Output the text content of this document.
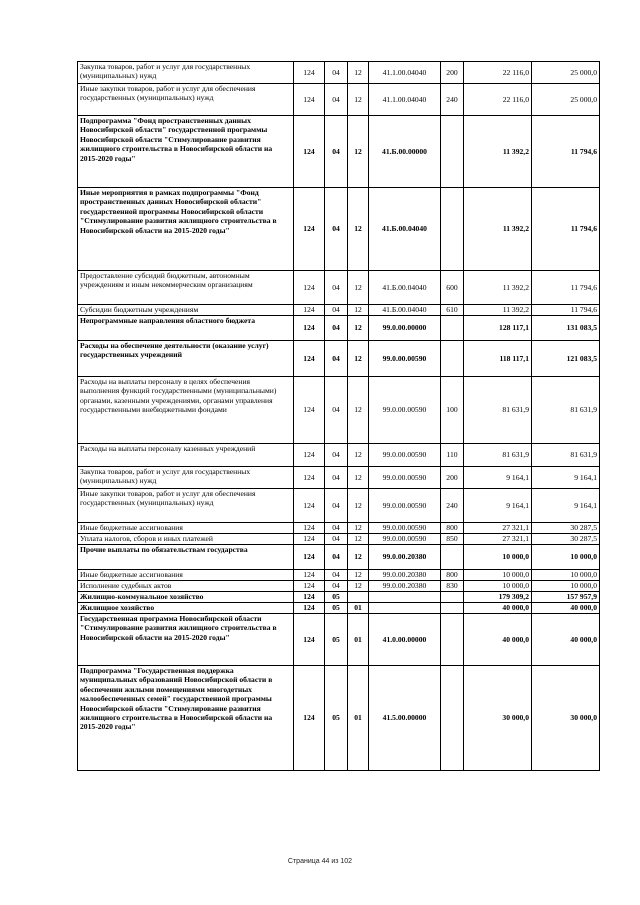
Закупка товаров, работ и услуг для государственных (муниципальных) нужд	124	04	12	41.1.00.04040	200	22 116,0	25 000,0
Иные закупки товаров, работ и услуг для обеспечения государственных (муниципальных) нужд	124	04	12	41.1.00.04040	240	22 116,0	25 000,0
Подпрограмма "Фонд пространственных данных Новосибирской области" государственной программы Новосибирской области "Стимулирование развития жилищного строительства в Новосибирской области на 2015-2020 годы"	124	04	12	41.Б.00.00000		11 392,2	11 794,6
Иные мероприятия в рамках подпрограммы "Фонд пространственных данных Новосибирской области" государственной программы Новосибирской области "Стимулирование развития жилищного строительства в Новосибирской области на 2015-2020 годы"	124	04	12	41.Б.00.04040		11 392,2	11 794,6
Предоставление субсидий бюджетным, автономным учреждениям и иным некоммерческим организациям	124	04	12	41.Б.00.04040	600	11 392,2	11 794,6
Субсидии бюджетным учреждениям	124	04	12	41.Б.00.04040	610	11 392,2	11 794,6
Непрограммные направления областного бюджета	124	04	12	99.0.00.00000		128 117,1	131 083,5
Расходы на обеспечение деятельности (оказание услуг) государственных учреждений	124	04	12	99.0.00.00590		118 117,1	121 083,5
Расходы на выплаты персоналу в целях обеспечения выполнения функций государственными (муниципальными) органами, казенными учреждениями, органами управления государственными внебюджетными фондами	124	04	12	99.0.00.00590	100	81 631,9	81 631,9
Расходы на выплаты персоналу казенных учреждений	124	04	12	99.0.00.00590	110	81 631,9	81 631,9
Закупка товаров, работ и услуг для государственных (муниципальных) нужд	124	04	12	99.0.00.00590	200	9 164,1	9 164,1
Иные закупки товаров, работ и услуг для обеспечения государственных (муниципальных) нужд	124	04	12	99.0.00.00590	240	9 164,1	9 164,1
Иные бюджетные ассигнования	124	04	12	99.0.00.00590	800	27 321,1	30 287,5
Уплата налогов, сборов и иных платежей	124	04	12	99.0.00.00590	850	27 321,1	30 287,5
Прочие выплаты по обязательствам государства	124	04	12	99.0.00.20380		10 000,0	10 000,0
Иные бюджетные ассигнования	124	04	12	99.0.00.20380	800	10 000,0	10 000,0
Исполнение судебных актов	124	04	12	99.0.00.20380	830	10 000,0	10 000,0
Жилищно-коммунальное хозяйство	124	05				179 309,2	157 957,9
Жилищное хозяйство	124	05	01			40 000,0	40 000,0
Государственная программа Новосибирской области "Стимулирование развития жилищного строительства в Новосибирской области на 2015-2020 годы"	124	05	01	41.0.00.00000		40 000,0	40 000,0
Подпрограмма "Государственная поддержка муниципальных образований Новосибирской области в обеспечении жилыми помещениями многодетных малообеспеченных семей" государственной программы Новосибирской области "Стимулирование развития жилищного строительства в Новосибирской области на 2015-2020 годы"	124	05	01	41.5.00.00000		30 000,0	30 000,0
Страница 44 из 102
